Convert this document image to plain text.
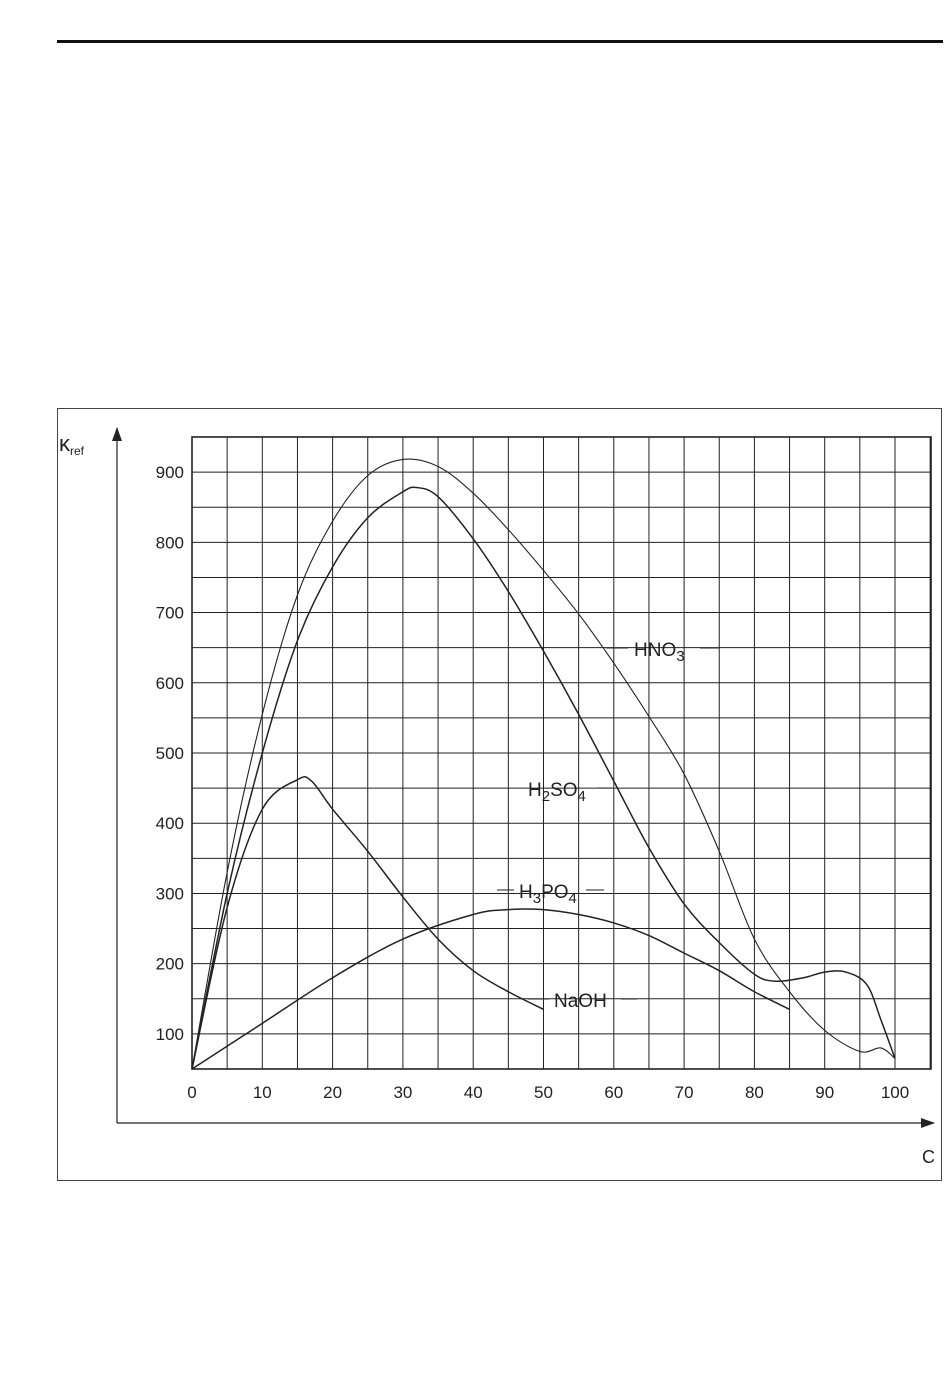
0	10	20	30	40	50	60	70	80	90	100
100
200
300
400
500
600
700
800
900
$HNO_3$
$H_2SO_4$
NaOH
$H_3PO_4$
κref
C
